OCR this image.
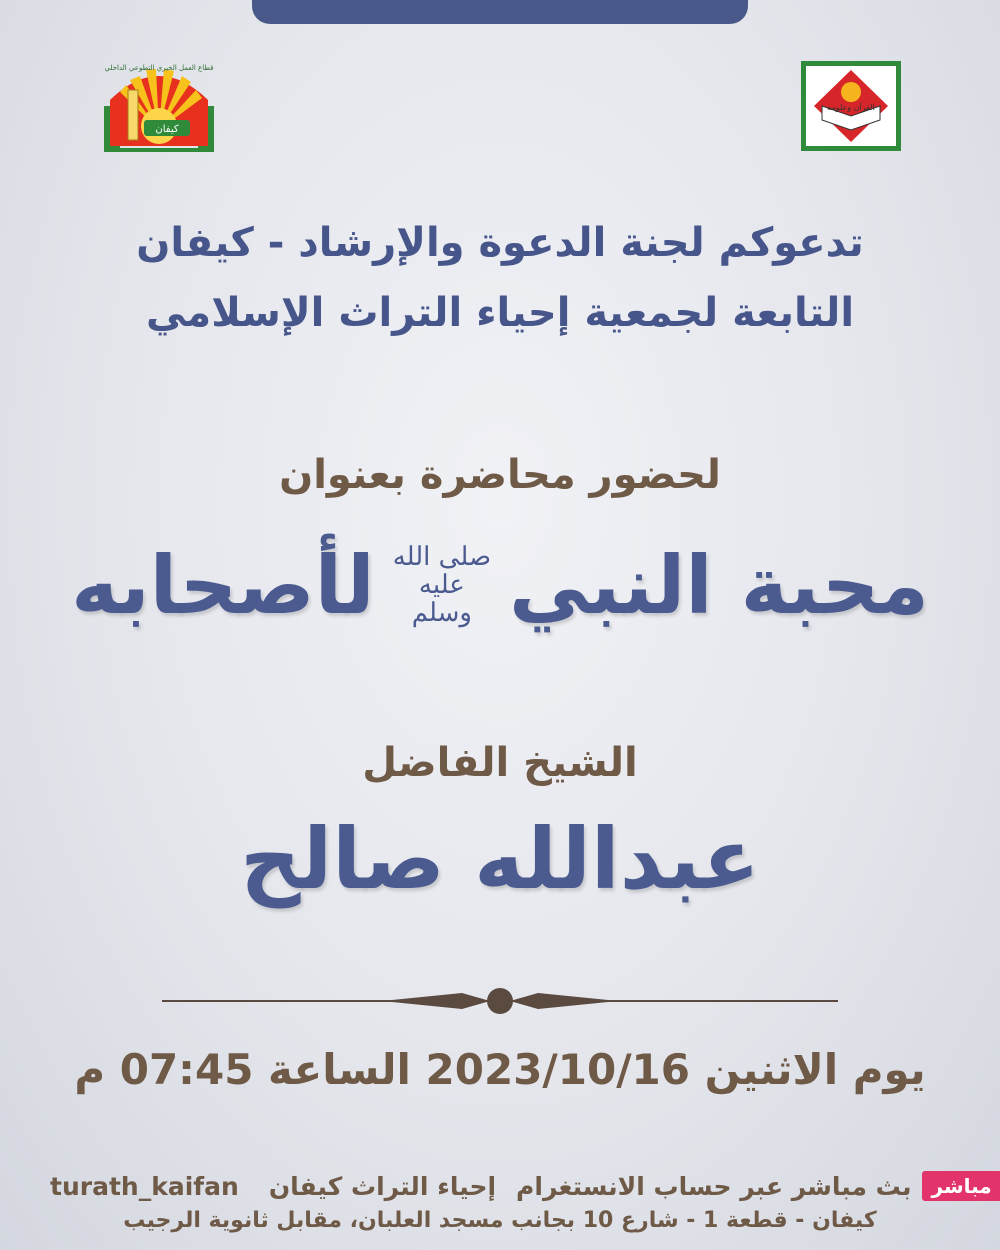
كيفان
قطاع العمل الخيري التطوعي الداخلي
القرآن وعلومه
تدعوكم لجنة الدعوة والإرشاد - كيفان
التابعة لجمعية إحياء التراث الإسلامي
لحضور محاضرة بعنوان
محبة النبي
صلى الله
عليه
وسلم
لأصحابه
الشيخ الفاضل
عبدالله صالح
يوم الاثنين 2023/10/16 الساعة 07:45 م
turath_kaifan إحياء التراث كيفان بث مباشر عبر حساب الانستغرام	مباشر
كيفان - قطعة 1 - شارع 10 بجانب مسجد العلبان، مقابل ثانوية الرجيب
